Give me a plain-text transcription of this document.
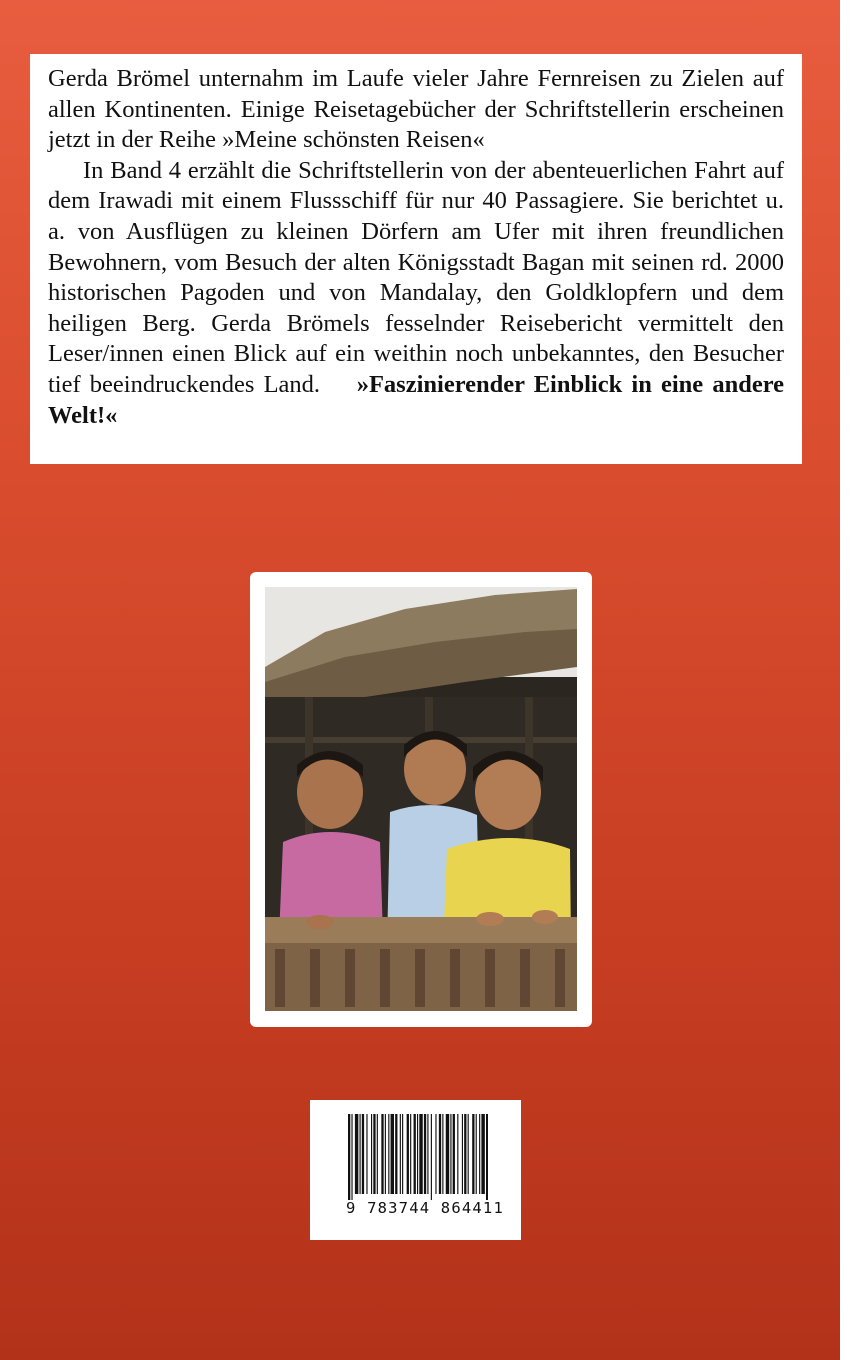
Gerda Brömel unternahm im Laufe vieler Jahre Fernreisen zu Zielen auf allen Kontinenten. Einige Reisetagebücher der Schriftstellerin erscheinen jetzt in der Reihe »Meine schönsten Reisen«

In Band 4 erzählt die Schriftstellerin von der abenteuerlichen Fahrt auf dem Irawadi mit einem Flussschiff für nur 40 Passagiere. Sie berichtet u. a. von Ausflügen zu kleinen Dörfern am Ufer mit ihren freundlichen Bewohnern, vom Besuch der alten Königsstadt Bagan mit seinen rd. 2000 historischen Pagoden und von Mandalay, den Goldklopfern und dem heiligen Berg. Gerda Brömels fesselnder Reisebericht vermittelt den Leser/innen einen Blick auf ein weithin noch unbekanntes, den Besucher tief beeindruckendes Land. »Faszinierender Einblick in eine andere Welt!«

9 783744 864411
